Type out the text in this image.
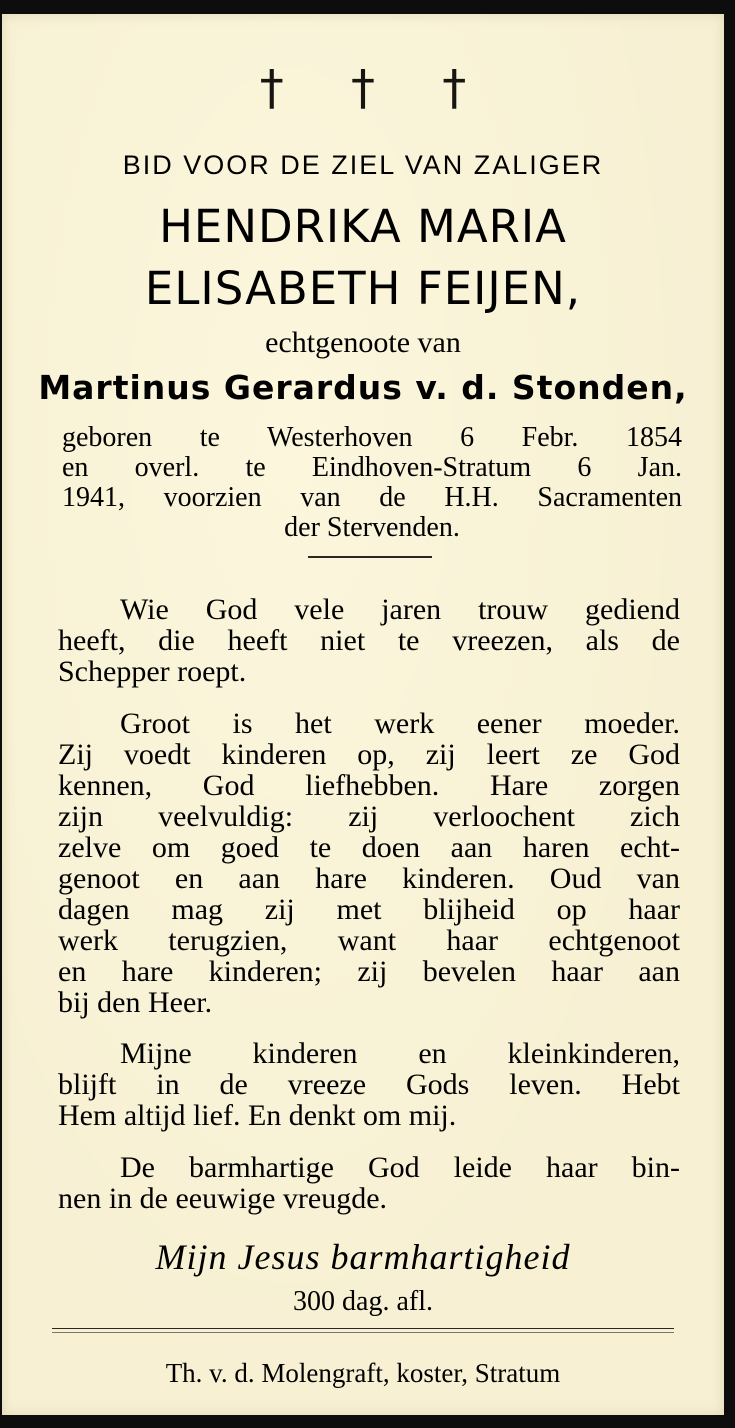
† † †
BID VOOR DE ZIEL VAN ZALIGER
HENDRIKA MARIA
ELISABETH FEIJEN,
echtgenoote van
Martinus Gerardus v. d. Stonden,
geboren te Westerhoven 6 Febr. 1854
en overl. te Eindhoven-Stratum 6 Jan.
1941, voorzien van de H.H. Sacramenten
der Stervenden.
Wie God vele jaren trouw gediend
heeft, die heeft niet te vreezen, als de
Schepper roept.
Groot is het werk eener moeder.
Zij voedt kinderen op, zij leert ze God
kennen, God liefhebben. Hare zorgen
zijn veelvuldig: zij verloochent zich
zelve om goed te doen aan haren echt-
genoot en aan hare kinderen. Oud van
dagen mag zij met blijheid op haar
werk terugzien, want haar echtgenoot
en hare kinderen; zij bevelen haar aan
bij den Heer.
Mijne kinderen en kleinkinderen,
blijft in de vreeze Gods leven. Hebt
Hem altijd lief. En denkt om mij.
De barmhartige God leide haar bin-
nen in de eeuwige vreugde.
Mijn Jesus barmhartigheid
300 dag. afl.
Th. v. d. Molengraft, koster, Stratum
